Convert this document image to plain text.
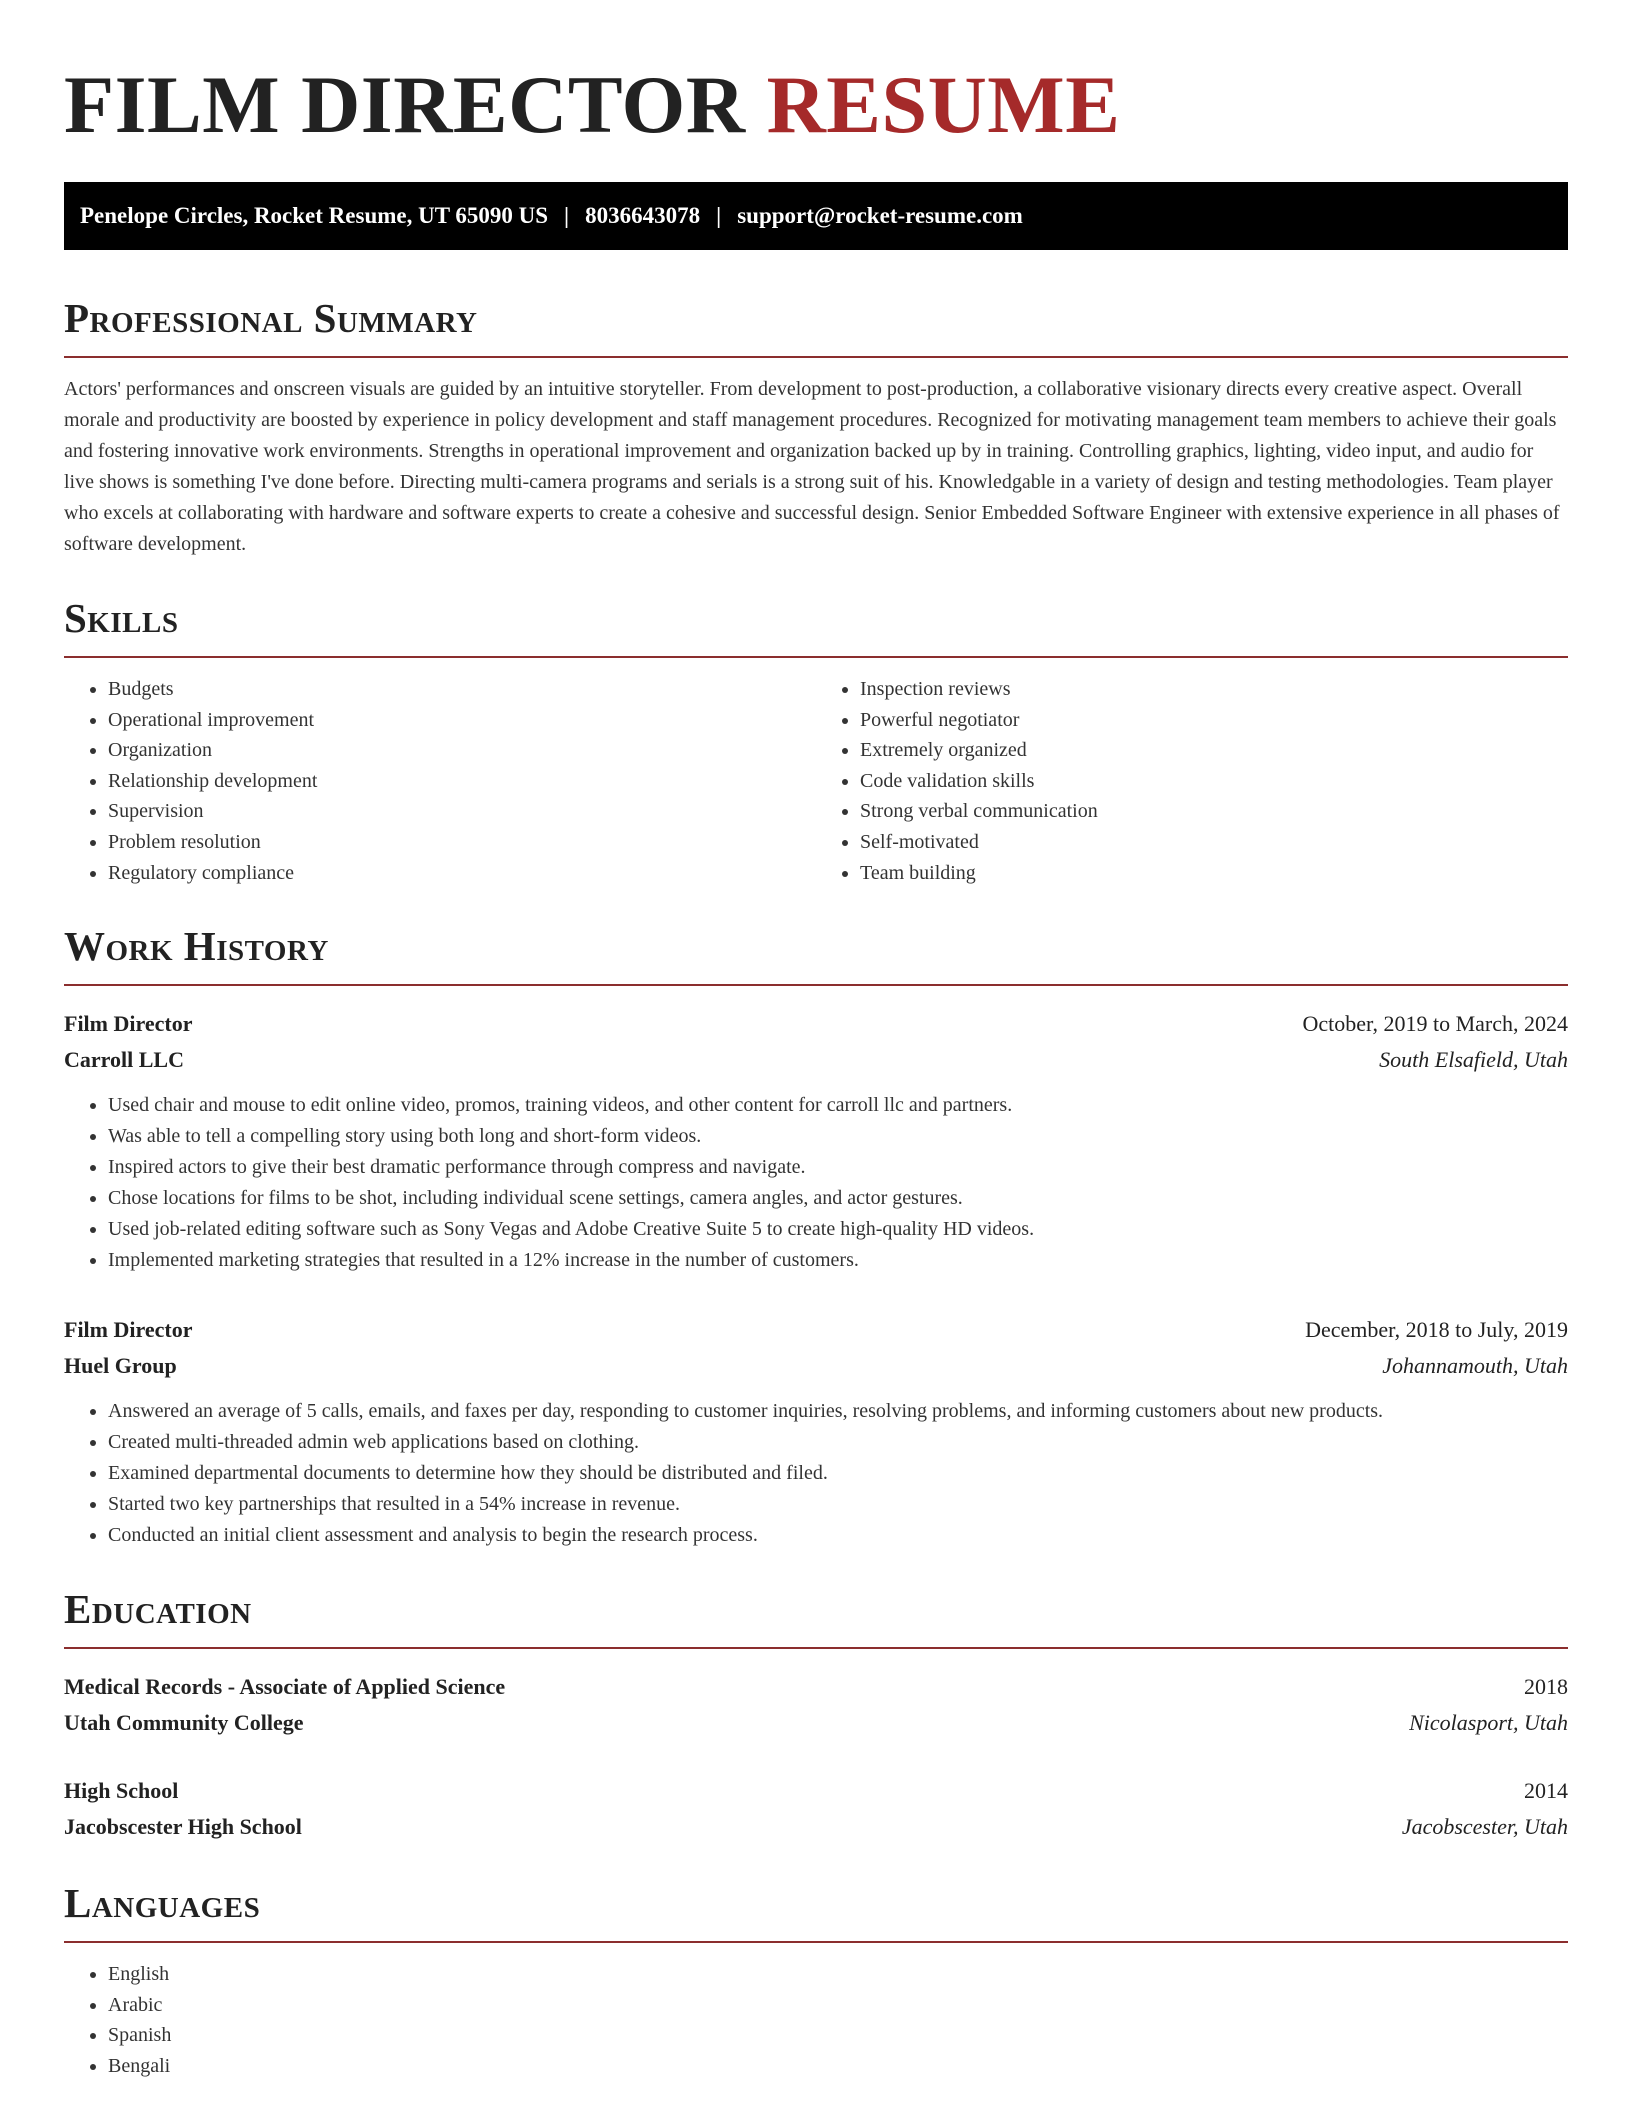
FILM DIRECTOR RESUME
Penelope Circles, Rocket Resume, UT 65090 US | 8036643078 | support@rocket-resume.com
Professional Summary

Actors' performances and onscreen visuals are guided by an intuitive storyteller. From development to post-production, a collaborative visionary directs every creative aspect. Overall morale and productivity are boosted by experience in policy development and staff management procedures. Recognized for motivating management team members to achieve their goals and fostering innovative work environments. Strengths in operational improvement and organization backed up by in training. Controlling graphics, lighting, video input, and audio for live shows is something I've done before. Directing multi-camera programs and serials is a strong suit of his. Knowledgable in a variety of design and testing methodologies. Team player who excels at collaborating with hardware and software experts to create a cohesive and successful design. Senior Embedded Software Engineer with extensive experience in all phases of software development.

Skills
• Budgets
• Operational improvement
• Organization
• Relationship development
• Supervision
• Problem resolution
• Regulatory compliance
• Inspection reviews
• Powerful negotiator
• Extremely organized
• Code validation skills
• Strong verbal communication
• Self-motivated
• Team building
Work History
Film Director	October, 2019 to March, 2024
Carroll LLC	South Elsafield, Utah
• Used chair and mouse to edit online video, promos, training videos, and other content for carroll llc and partners.
• Was able to tell a compelling story using both long and short-form videos.
• Inspired actors to give their best dramatic performance through compress and navigate.
• Chose locations for films to be shot, including individual scene settings, camera angles, and actor gestures.
• Used job-related editing software such as Sony Vegas and Adobe Creative Suite 5 to create high-quality HD videos.
• Implemented marketing strategies that resulted in a 12% increase in the number of customers.
Film Director	December, 2018 to July, 2019
Huel Group	Johannamouth, Utah
• Answered an average of 5 calls, emails, and faxes per day, responding to customer inquiries, resolving problems, and informing customers about new products.
• Created multi-threaded admin web applications based on clothing.
• Examined departmental documents to determine how they should be distributed and filed.
• Started two key partnerships that resulted in a 54% increase in revenue.
• Conducted an initial client assessment and analysis to begin the research process.
Education
Medical Records - Associate of Applied Science	2018
Utah Community College	Nicolasport, Utah
High School	2014
Jacobscester High School	Jacobscester, Utah
Languages
• English
• Arabic
• Spanish
• Bengali
